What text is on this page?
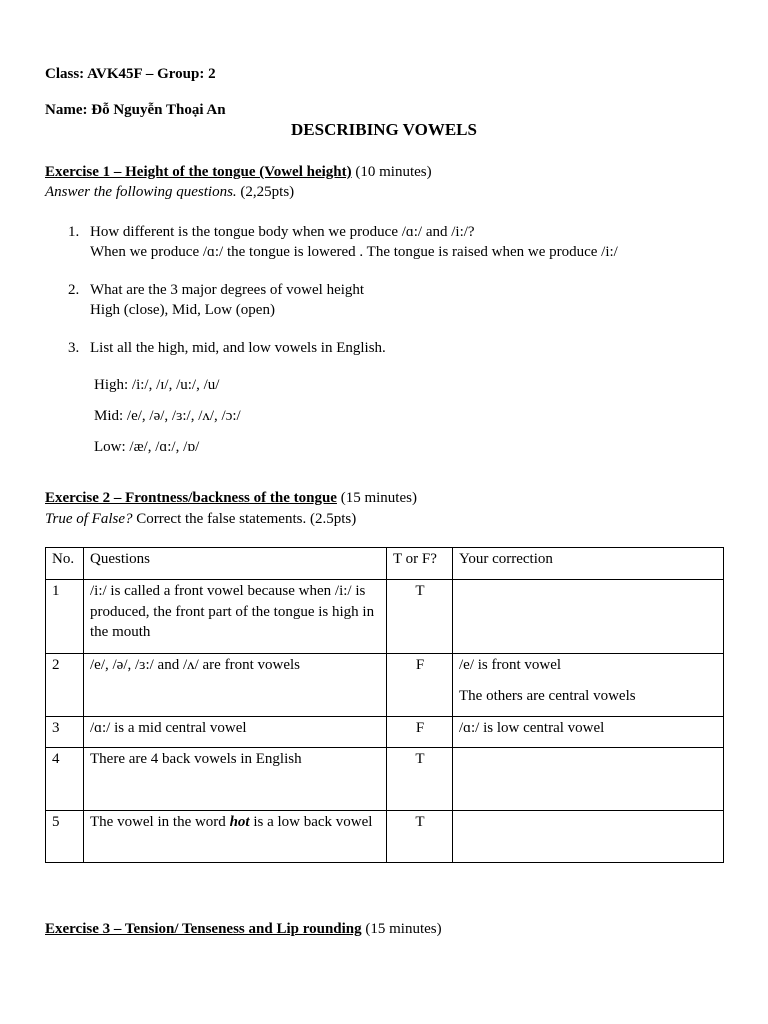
Class: AVK45F – Group: 2
Name: Đỗ Nguyễn Thoại An
DESCRIBING VOWELS
Exercise 1 – Height of the tongue (Vowel height) (10 minutes)
Answer the following questions. (2,25pts)
1. How different is the tongue body when we produce /ɑ:/ and /i:/?
When we produce /ɑ:/ the tongue is lowered . The tongue is raised when we produce /i:/
2. What are the 3 major degrees of vowel height
High (close), Mid, Low (open)
3. List all the high, mid, and low vowels in English.
High: /i:/, /ɪ/, /u:/, /u/
Mid: /e/, /ə/, /ɜ:/, /ʌ/, /ɔ:/
Low: /æ/, /ɑ:/, /ɒ/
Exercise 2 – Frontness/backness of the tongue (15 minutes)
True of False? Correct the false statements. (2.5pts)
No.	Questions	T or F?	Your correction
1	/i:/ is called a front vowel because when /i:/ is produced, the front part of the tongue is high in the mouth	T	
2	/e/, /ə/, /ɜ:/ and /ʌ/ are front vowels	F	/e/ is front vowel
The others are central vowels

3	/ɑ:/ is a mid central vowel	F	/ɑ:/ is low central vowel
4	There are 4 back vowels in English	T	
5	The vowel in the word hot is a low back vowel	T	
Exercise 3 – Tension/ Tenseness and Lip rounding (15 minutes)
